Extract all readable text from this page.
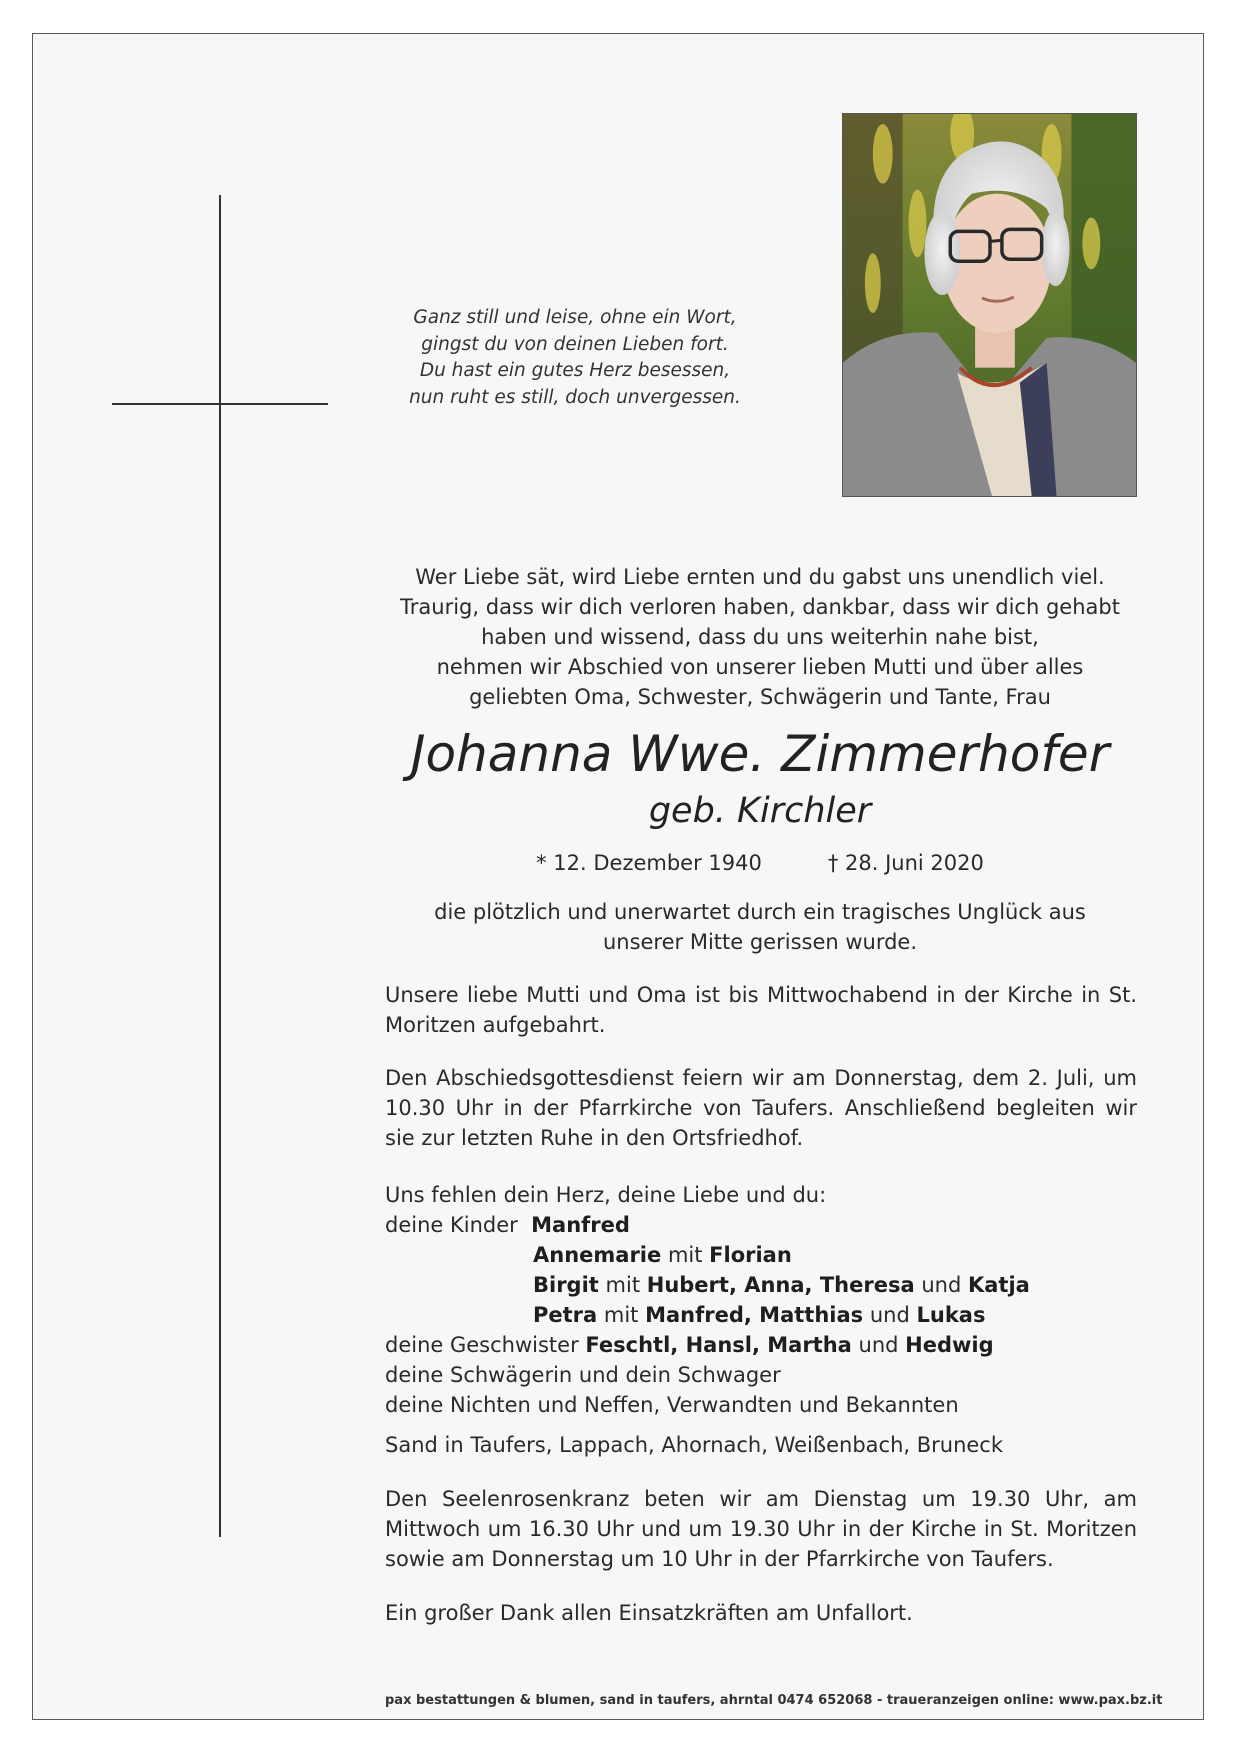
Ganz still und leise, ohne ein Wort,
gingst du von deinen Lieben fort.
Du hast ein gutes Herz besessen,
nun ruht es still, doch unvergessen.
Wer Liebe sät, wird Liebe ernten und du gabst uns unendlich viel.
Traurig, dass wir dich verloren haben, dankbar, dass wir dich gehabt
haben und wissend, dass du uns weiterhin nahe bist,
nehmen wir Abschied von unserer lieben Mutti und über alles
geliebten Oma, Schwester, Schwägerin und Tante, Frau
Johanna Wwe. Zimmerhofer
geb. Kirchler
* 12. Dezember 1940	† 28. Juni 2020
die plötzlich und unerwartet durch ein tragisches Unglück aus
unserer Mitte gerissen wurde.
Unsere liebe Mutti und Oma ist bis Mittwochabend in der Kirche in St. Moritzen aufgebahrt.
Den Abschiedsgottesdienst feiern wir am Donnerstag, dem 2. Juli, um 10.30 Uhr in der Pfarrkirche von Taufers. Anschließend begleiten wir sie zur letzten Ruhe in den Ortsfriedhof.
Uns fehlen dein Herz, deine Liebe und du:
deine Kinder Manfred
Annemarie mit Florian
Birgit mit Hubert, Anna, Theresa und Katja
Petra mit Manfred, Matthias und Lukas
deine Geschwister Feschtl, Hansl, Martha und Hedwig
deine Schwägerin und dein Schwager
deine Nichten und Neffen, Verwandten und Bekannten
Sand in Taufers, Lappach, Ahornach, Weißenbach, Bruneck
Den Seelenrosenkranz beten wir am Dienstag um 19.30 Uhr, am Mittwoch um 16.30 Uhr und um 19.30 Uhr in der Kirche in St. Moritzen sowie am Donnerstag um 10 Uhr in der Pfarrkirche von Taufers.
Ein großer Dank allen Einsatzkräften am Unfallort.
pax bestattungen & blumen, sand in taufers, ahrntal 0474 652068 - traueranzeigen online: www.pax.bz.it
